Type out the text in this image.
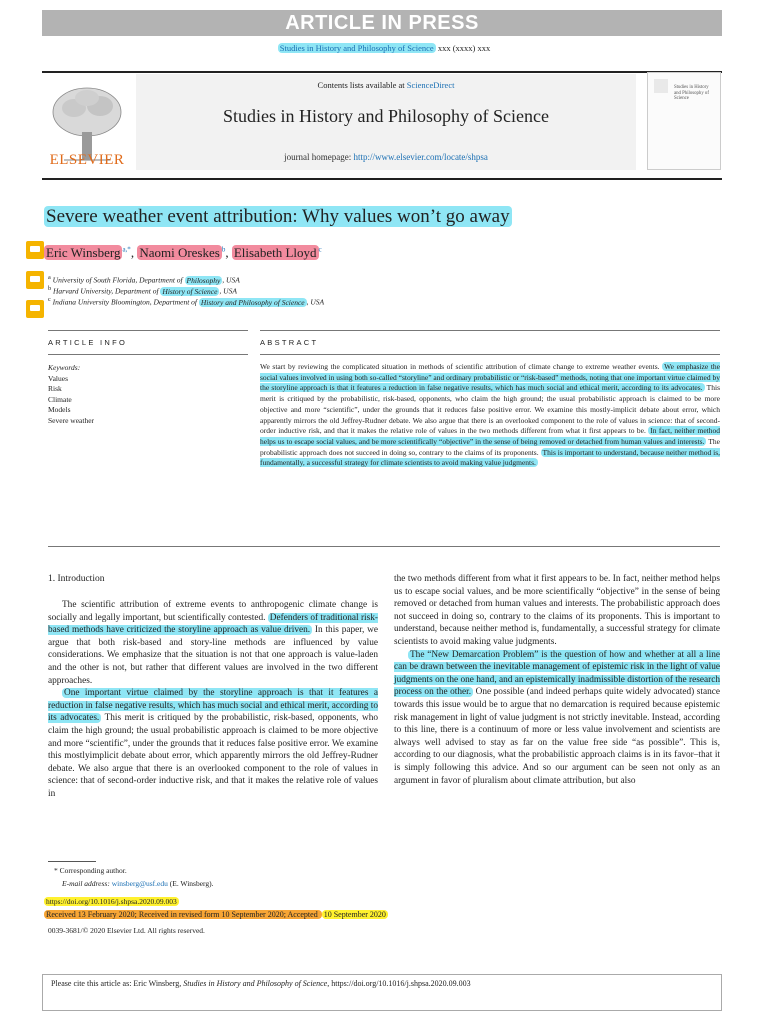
ARTICLE IN PRESS
Studies in History and Philosophy of Science xxx (xxxx) xxx
ELSEVIER
Contents lists available at ScienceDirect
Studies in History and Philosophy of Science
journal homepage: http://www.elsevier.com/locate/shpsa
Studies in History and Philosophy of Science
Severe weather event attribution: Why values won’t go away
Eric Winsberg $^{a,*}$, Naomi Oreskes $^b$, Elisabeth Lloyd $^c$
$^a$ University of South Florida, Department of Philosophy , USA
$^b$ Harvard University, Department of History of Science , USA
$^c$ Indiana University Bloomington, Department of History and Philosophy of Science , USA
ARTICLE INFO	ABSTRACT
Keywords:
Values
Risk
Climate
Models
Severe weather
We start by reviewing the complicated situation in methods of scientific attribution of climate change to extreme weather events. We emphasize the social values involved in using both so-called “storyline” and ordinary probabilistic or “risk-based” methods, noting that one important virtue claimed by the storyline approach is that it features a reduction in false negative results, which has much social and ethical merit, according to its advocates. This merit is critiqued by the probabilistic, risk-based, opponents, who claim the high ground; the usual probabilistic approach is claimed to be more objective and more “scientific”, under the grounds that it reduces false positive error. We examine this mostly-implicit debate about error, which apparently mirrors the old Jeffrey-Rudner debate. We also argue that there is an overlooked component to the role of values in science: that of second-order inductive risk, and that it makes the relative role of values in the two methods different from what it first appears to be. In fact, neither method helps us to escape social values, and be more scientifically “objective” in the sense of being removed or detached from human values and interests. The probabilistic approach does not succeed in doing so, contrary to the claims of its proponents. This is important to understand, because neither method is, fundamentally, a successful strategy for climate scientists to avoid making value judgments.
1. Introduction

The scientific attribution of extreme events to anthropogenic climate change is socially and legally important, but scientifically contested. Defenders of traditional risk-based methods have criticized the storyline approach as value driven. In this paper, we argue that both risk-based and story-line methods are influenced by value considerations. We emphasize that the situation is not that one approach is value-laden and the other is not, but rather that different values are involved in the two different approaches.

One important virtue claimed by the storyline approach is that it features a reduction in false negative results, which has much social and ethical merit, according to its advocates. This merit is critiqued by the probabilistic, risk-based, opponents, who claim the high ground; the usual probabilistic approach is claimed to be more objective and more “scientific”, under the grounds that it reduces false positive error. We examine this mostlyimplicit debate about error, which apparently mirrors the old Jeffrey-Rudner debate. We also argue that there is an overlooked component to the role of values in science: that of second-order inductive risk, and that it makes the relative role of values in

the two methods different from what it first appears to be. In fact, neither method helps us to escape social values, and be more scientifically “objective” in the sense of being removed or detached from human values and interests. The probabilistic approach does not succeed in doing so, contrary to the claims of its proponents. This is important to understand, because neither method is, fundamentally, a successful strategy for climate scientists to avoid making value judgments.

The “New Demarcation Problem” is the question of how and whether at all a line can be drawn between the inevitable management of epistemic risk in the light of value judgments on the one hand, and an epistemically inadmissible distortion of the research process on the other. One possible (and indeed perhaps quite widely advocated) stance towards this issue would be to argue that no demarcation is required because epistemic risk management in light of value judgment is not strictly inevitable. Instead, according to this line, there is a continuum of more or less value involvement and scientists are always well advised to stay as far on the value free side “as possible”. This is, according to our diagnosis, what the probabilistic approach claims is in its favor–that it is simply following this advice. And so our argument can be seen not only as an argument in favor of pluralism about climate attribution, but also

* Corresponding author.
E-mail address: winsberg@usf.edu (E. Winsberg).
https://doi.org/10.1016/j.shpsa.2020.09.003
Received 13 February 2020; Received in revised form 10 September 2020; Accepted 10 September 2020
0039-3681/© 2020 Elsevier Ltd. All rights reserved.
Please cite this article as: Eric Winsberg, Studies in History and Philosophy of Science, https://doi.org/10.1016/j.shpsa.2020.09.003
